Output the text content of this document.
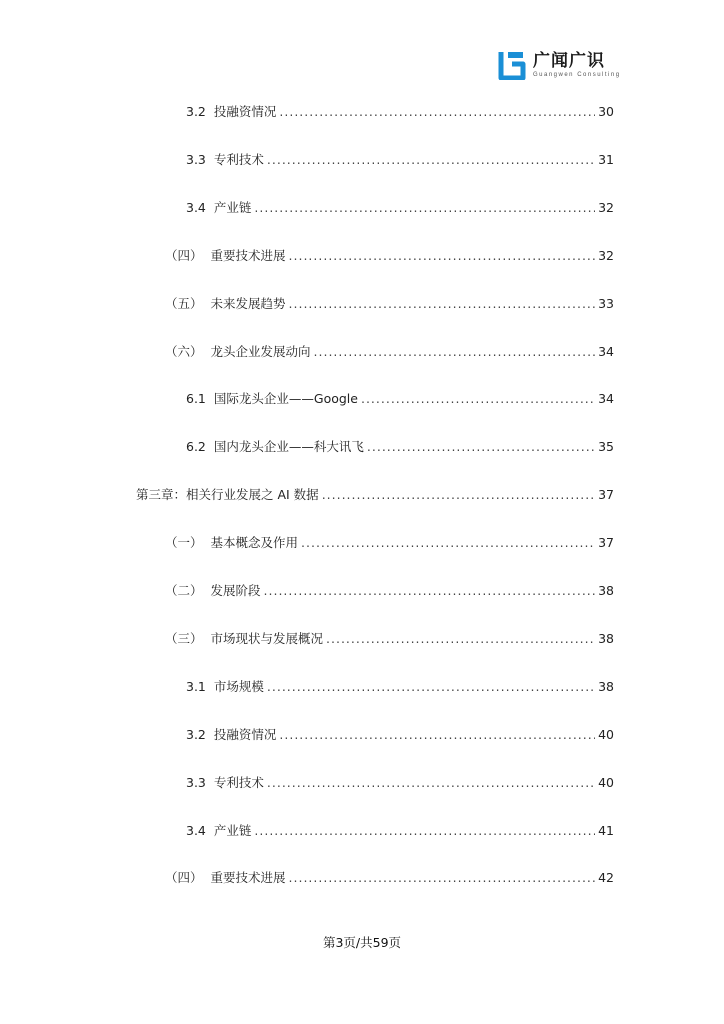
广闻广识
Guangwen Consulting
3.2 投融资情况 .....	30
3.3 专利技术 .....	31
3.4 产业链 .....	32
（四） 重要技术进展 .....	32
（五） 未来发展趋势 .....	33
（六） 龙头企业发展动向 .....	34
6.1 国际龙头企业——Google .....	34
6.2 国内龙头企业——科大讯飞 .....	35
第三章：相关行业发展之 AI 数据 .....	37
（一） 基本概念及作用 .....	37
（二） 发展阶段 .....	38
（三） 市场现状与发展概况 .....	38
3.1 市场规模 .....	38
3.2 投融资情况 .....	40
3.3 专利技术 .....	40
3.4 产业链 .....	41
（四） 重要技术进展 .....	42
第3页/共59页
